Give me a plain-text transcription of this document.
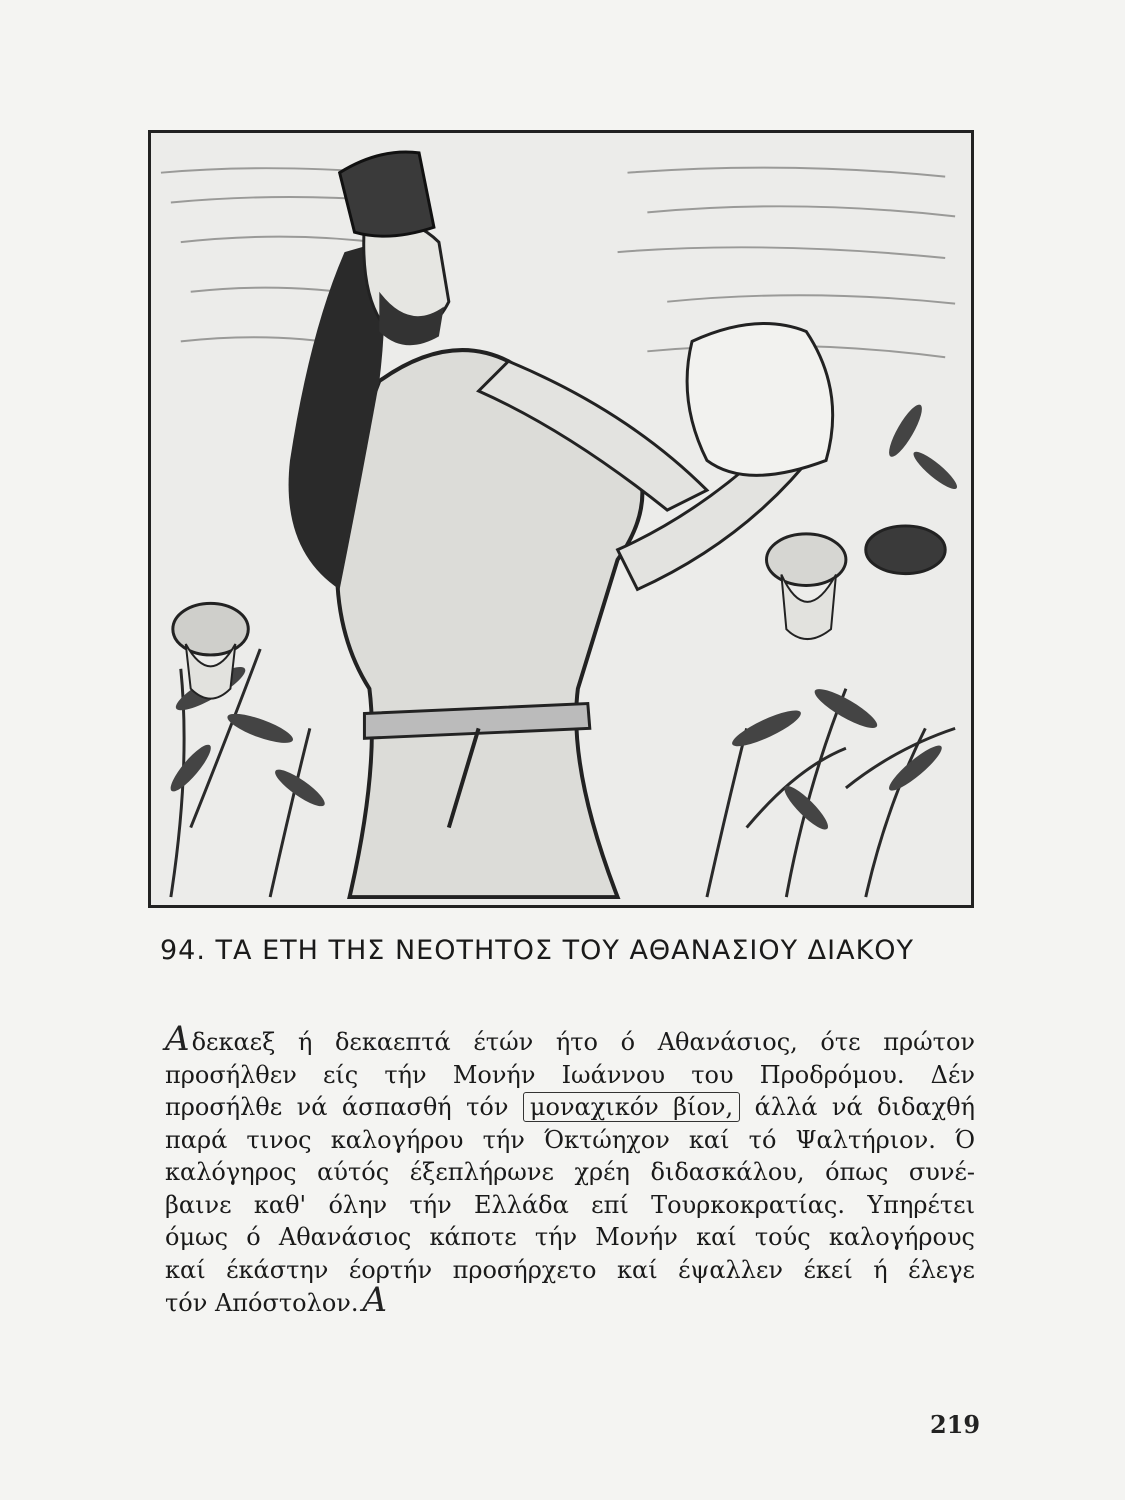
94. ΤΑ ΕΤΗ ΤΗΣ ΝΕΟΤΗΤΟΣ ΤΟΥ ΑΘΑΝΑΣΙΟΥ ΔΙΑΚΟΥ
Αδεκαεξ ή δεκαεπτά έτών ήτο ό Αθανάσιος, ότε πρώτον
προσήλθεν είς τήν Μονήν Ιωάννου του Προδρόμου. Δέν
προσήλθε νά άσπασθή τόν μοναχικόν βίον, άλλά νά διδαχθή
παρά τινος καλογήρου τήν Όκτώηχον καί τό Ψαλτήριον. Ό
καλόγηρος αύτός έξεπλήρωνε χρέη διδασκάλου, όπως συνέ-
βαινε καθ' όλην τήν Ελλάδα επί Τουρκοκρατίας. Υπηρέτει
όμως ό Αθανάσιος κάποτε τήν Μονήν καί τούς καλογήρους
καί έκάστην έορτήν προσήρχετο καί έψαλλεν έκεί ή έλεγε
τόν Απόστολον. Α
219
